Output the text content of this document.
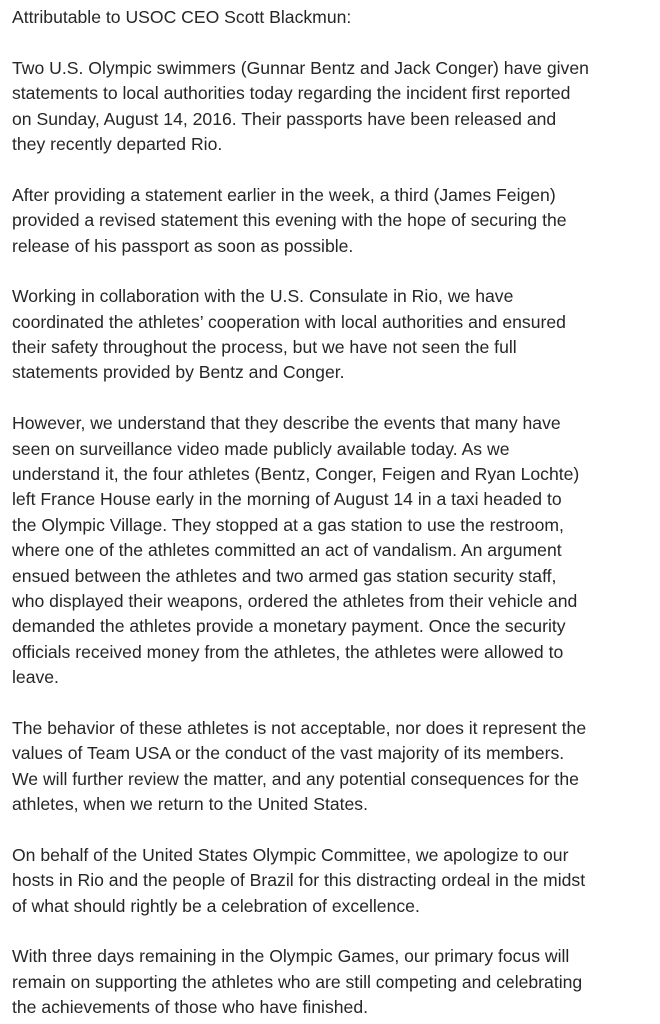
Attributable to USOC CEO Scott Blackmun:
Two U.S. Olympic swimmers (Gunnar Bentz and Jack Conger) have given
statements to local authorities today regarding the incident first reported
on Sunday, August 14, 2016. Their passports have been released and
they recently departed Rio.
After providing a statement earlier in the week, a third (James Feigen)
provided a revised statement this evening with the hope of securing the
release of his passport as soon as possible.
Working in collaboration with the U.S. Consulate in Rio, we have
coordinated the athletes’ cooperation with local authorities and ensured
their safety throughout the process, but we have not seen the full
statements provided by Bentz and Conger.
However, we understand that they describe the events that many have
seen on surveillance video made publicly available today. As we
understand it, the four athletes (Bentz, Conger, Feigen and Ryan Lochte)
left France House early in the morning of August 14 in a taxi headed to
the Olympic Village. They stopped at a gas station to use the restroom,
where one of the athletes committed an act of vandalism. An argument
ensued between the athletes and two armed gas station security staff,
who displayed their weapons, ordered the athletes from their vehicle and
demanded the athletes provide a monetary payment. Once the security
officials received money from the athletes, the athletes were allowed to
leave.
The behavior of these athletes is not acceptable, nor does it represent the
values of Team USA or the conduct of the vast majority of its members.
We will further review the matter, and any potential consequences for the
athletes, when we return to the United States.
On behalf of the United States Olympic Committee, we apologize to our
hosts in Rio and the people of Brazil for this distracting ordeal in the midst
of what should rightly be a celebration of excellence.
With three days remaining in the Olympic Games, our primary focus will
remain on supporting the athletes who are still competing and celebrating
the achievements of those who have finished.
